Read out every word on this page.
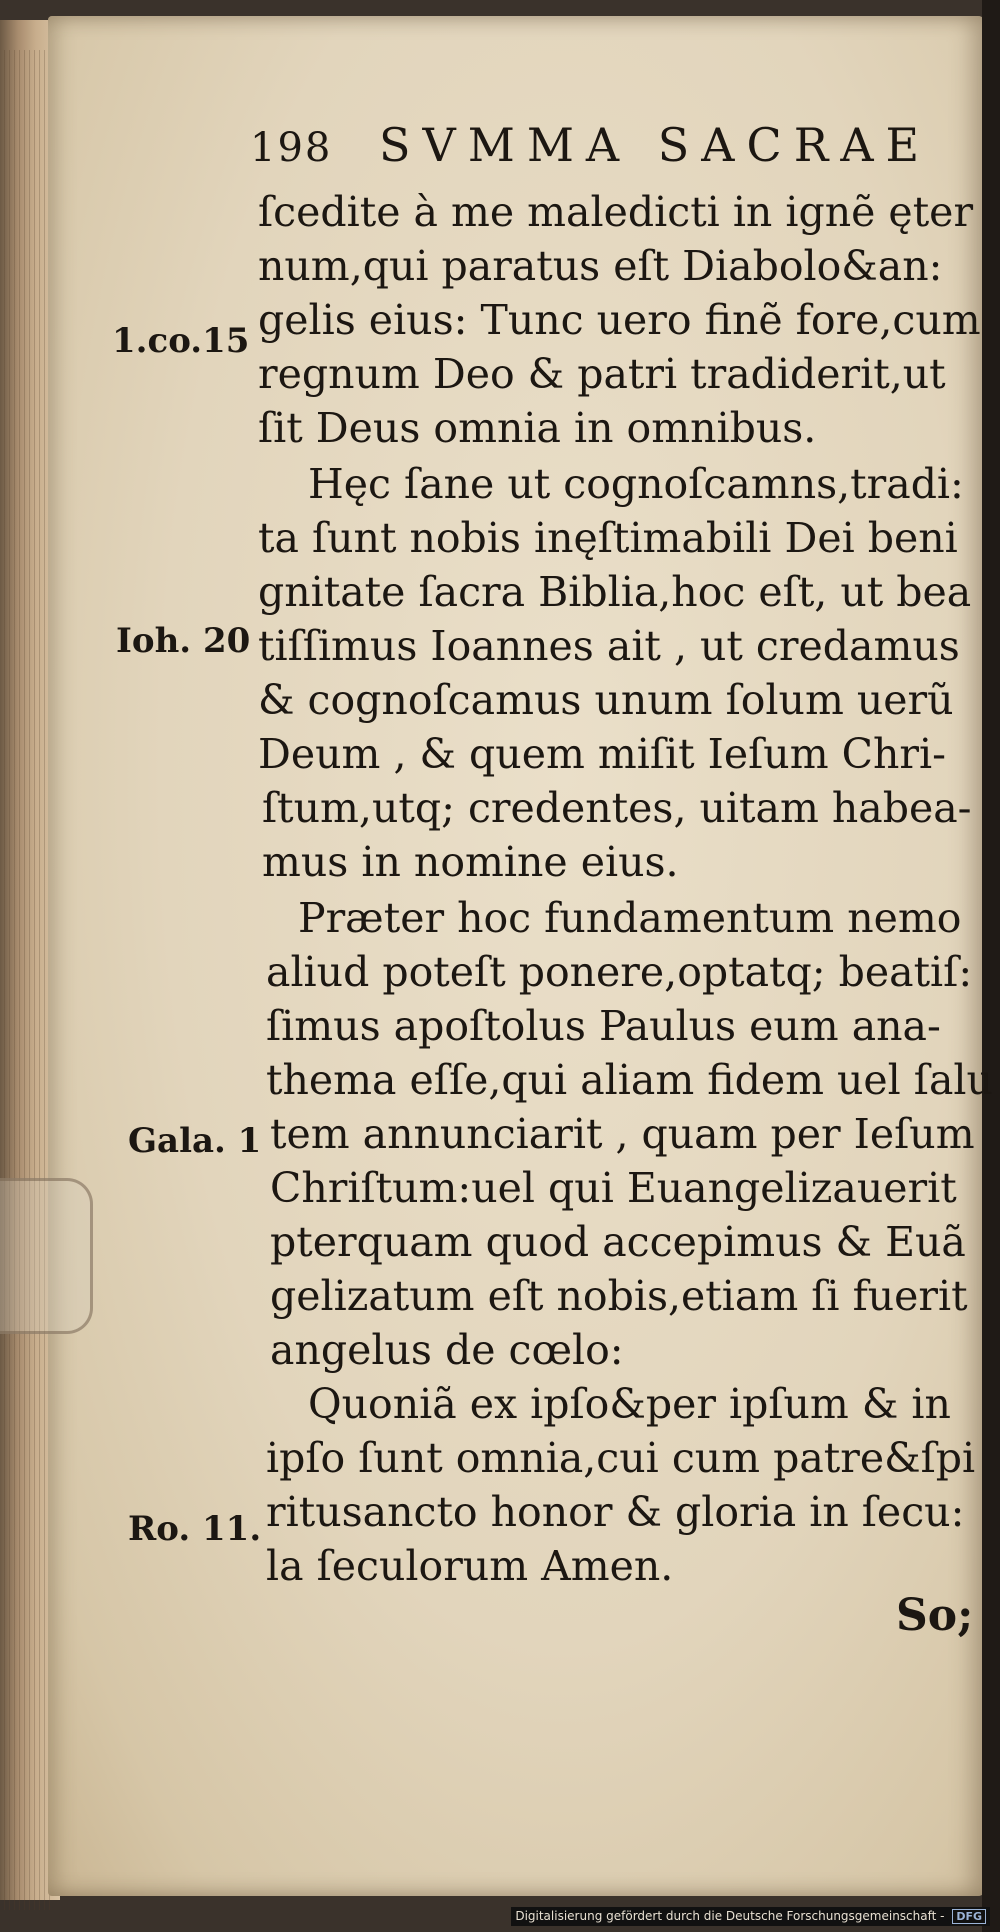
198 SVMMA SACRAE
ſcedite à me maledicti in ignẽ ęter
num,qui paratus eſt Diabolo&an:
gelis eius: Tunc uero finẽ fore,cum
regnum Deo & patri tradiderit,ut
ſit Deus omnia in omnibus.
Hęc ſane ut cognoſcamns,tradi:
ta ſunt nobis inęſtimabili Dei beni
gnitate ſacra Biblia,hoc eſt, ut bea
tiſſimus Ioannes ait , ut credamus
& cognoſcamus unum ſolum uerũ
Deum , & quem miſit Ieſum Chri-
ſtum,utq; credentes, uitam habea-
mus in nomine eius.
Præter hoc fundamentum nemo
aliud poteſt ponere,optatq; beatiſ:
ſimus apoſtolus Paulus eum ana-
thema eſſe,qui aliam fidem uel ſalu
tem annunciarit , quam per Ieſum
Chriſtum:uel qui Euangelizauerit
pterquam quod accepimus & Euã
gelizatum eſt nobis,etiam ſi fuerit
angelus de cœlo:
Quoniã ex ipſo&per ipſum & in
ipſo ſunt omnia,cui cum patre&ſpi
ritusancto honor & gloria in ſecu:
la ſeculorum Amen.
1.co.15
Ioh. 20
Gala. 1
Ro. 11.
So;
Digitalisierung gefördert durch die Deutsche Forschungsgemeinschaft - DFG
